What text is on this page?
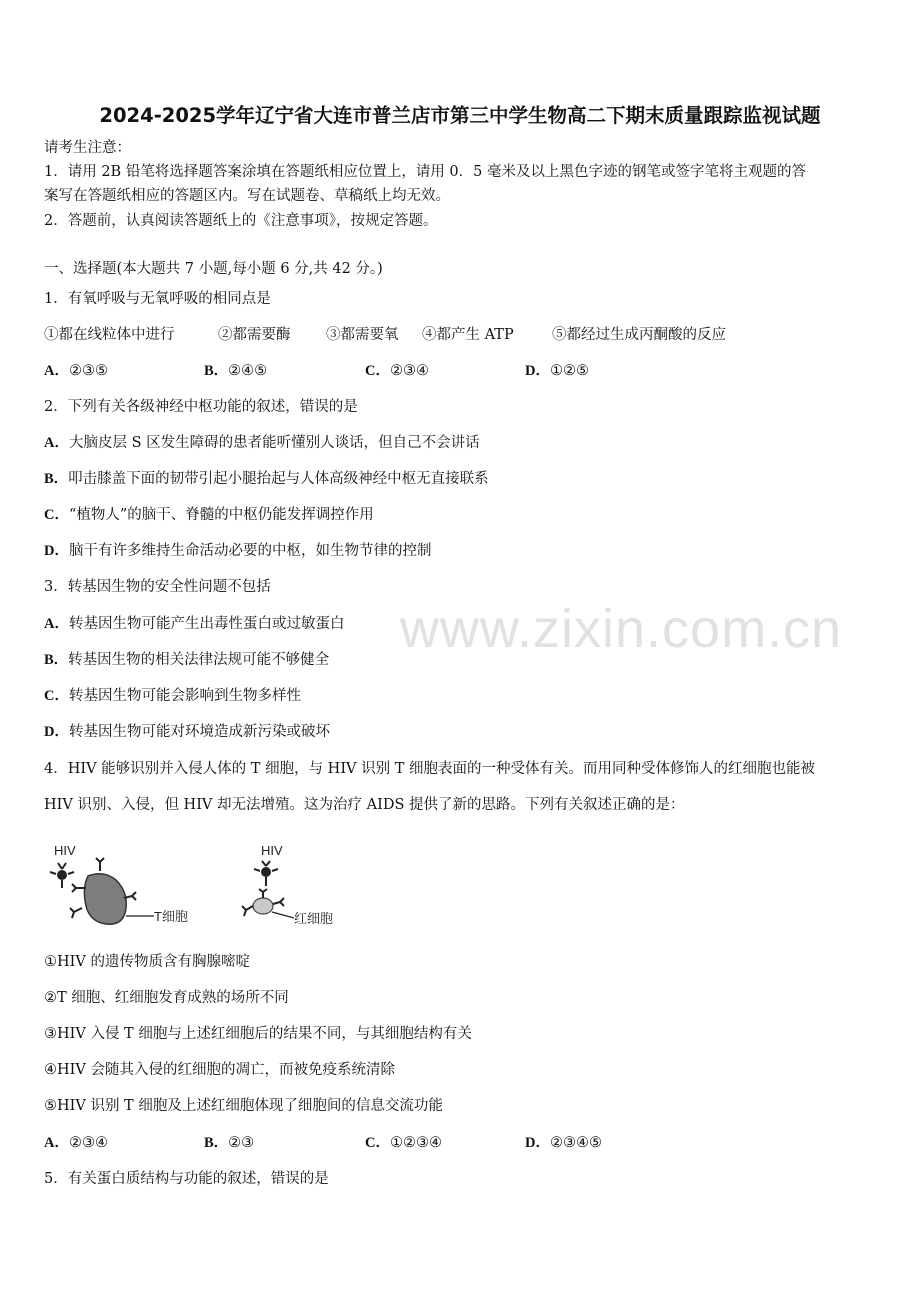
2024-2025学年辽宁省大连市普兰店市第三中学生物高二下期末质量跟踪监视试题
请考生注意：
1．请用 2B 铅笔将选择题答案涂填在答题纸相应位置上，请用 0．5 毫米及以上黑色字迹的钢笔或签字笔将主观题的答
案写在答题纸相应的答题区内。写在试题卷、草稿纸上均无效。
2．答题前，认真阅读答题纸上的《注意事项》，按规定答题。
一、选择题(本大题共 7 小题,每小题 6 分,共 42 分。)
1．有氧呼吸与无氧呼吸的相同点是
①都在线粒体中进行	②都需要酶 ③都需要氧 ④都产生 ATP	⑤都经过生成丙酮酸的反应
A．②③⑤	B．②④⑤	C．②③④	D．①②⑤
2．下列有关各级神经中枢功能的叙述，错误的是
A．大脑皮层 S 区发生障碍的患者能听懂别人谈话，但自己不会讲话
B．叩击膝盖下面的韧带引起小腿抬起与人体高级神经中枢无直接联系
C．“植物人”的脑干、脊髓的中枢仍能发挥调控作用
D．脑干有许多维持生命活动必要的中枢，如生物节律的控制
3．转基因生物的安全性问题不包括
A．转基因生物可能产生出毒性蛋白或过敏蛋白
B．转基因生物的相关法律法规可能不够健全
C．转基因生物可能会影响到生物多样性
D．转基因生物可能对环境造成新污染或破坏
4．HIV 能够识别并入侵人体的 T 细胞，与 HIV 识别 T 细胞表面的一种受体有关。而用同种受体修饰人的红细胞也能被
HIV 识别、入侵，但 HIV 却无法增殖。这为治疗 AIDS 提供了新的思路。下列有关叙述正确的是：
HIV
T细胞
HIV
红细胞
①HIV 的遗传物质含有胸腺嘧啶
②T 细胞、红细胞发育成熟的场所不同
③HIV 入侵 T 细胞与上述红细胞后的结果不同，与其细胞结构有关
④HIV 会随其入侵的红细胞的凋亡，而被免疫系统清除
⑤HIV 识别 T 细胞及上述红细胞体现了细胞间的信息交流功能
A．②③④	B．②③	C．①②③④	D．②③④⑤
5．有关蛋白质结构与功能的叙述，错误的是
www.zixin.com.cn
